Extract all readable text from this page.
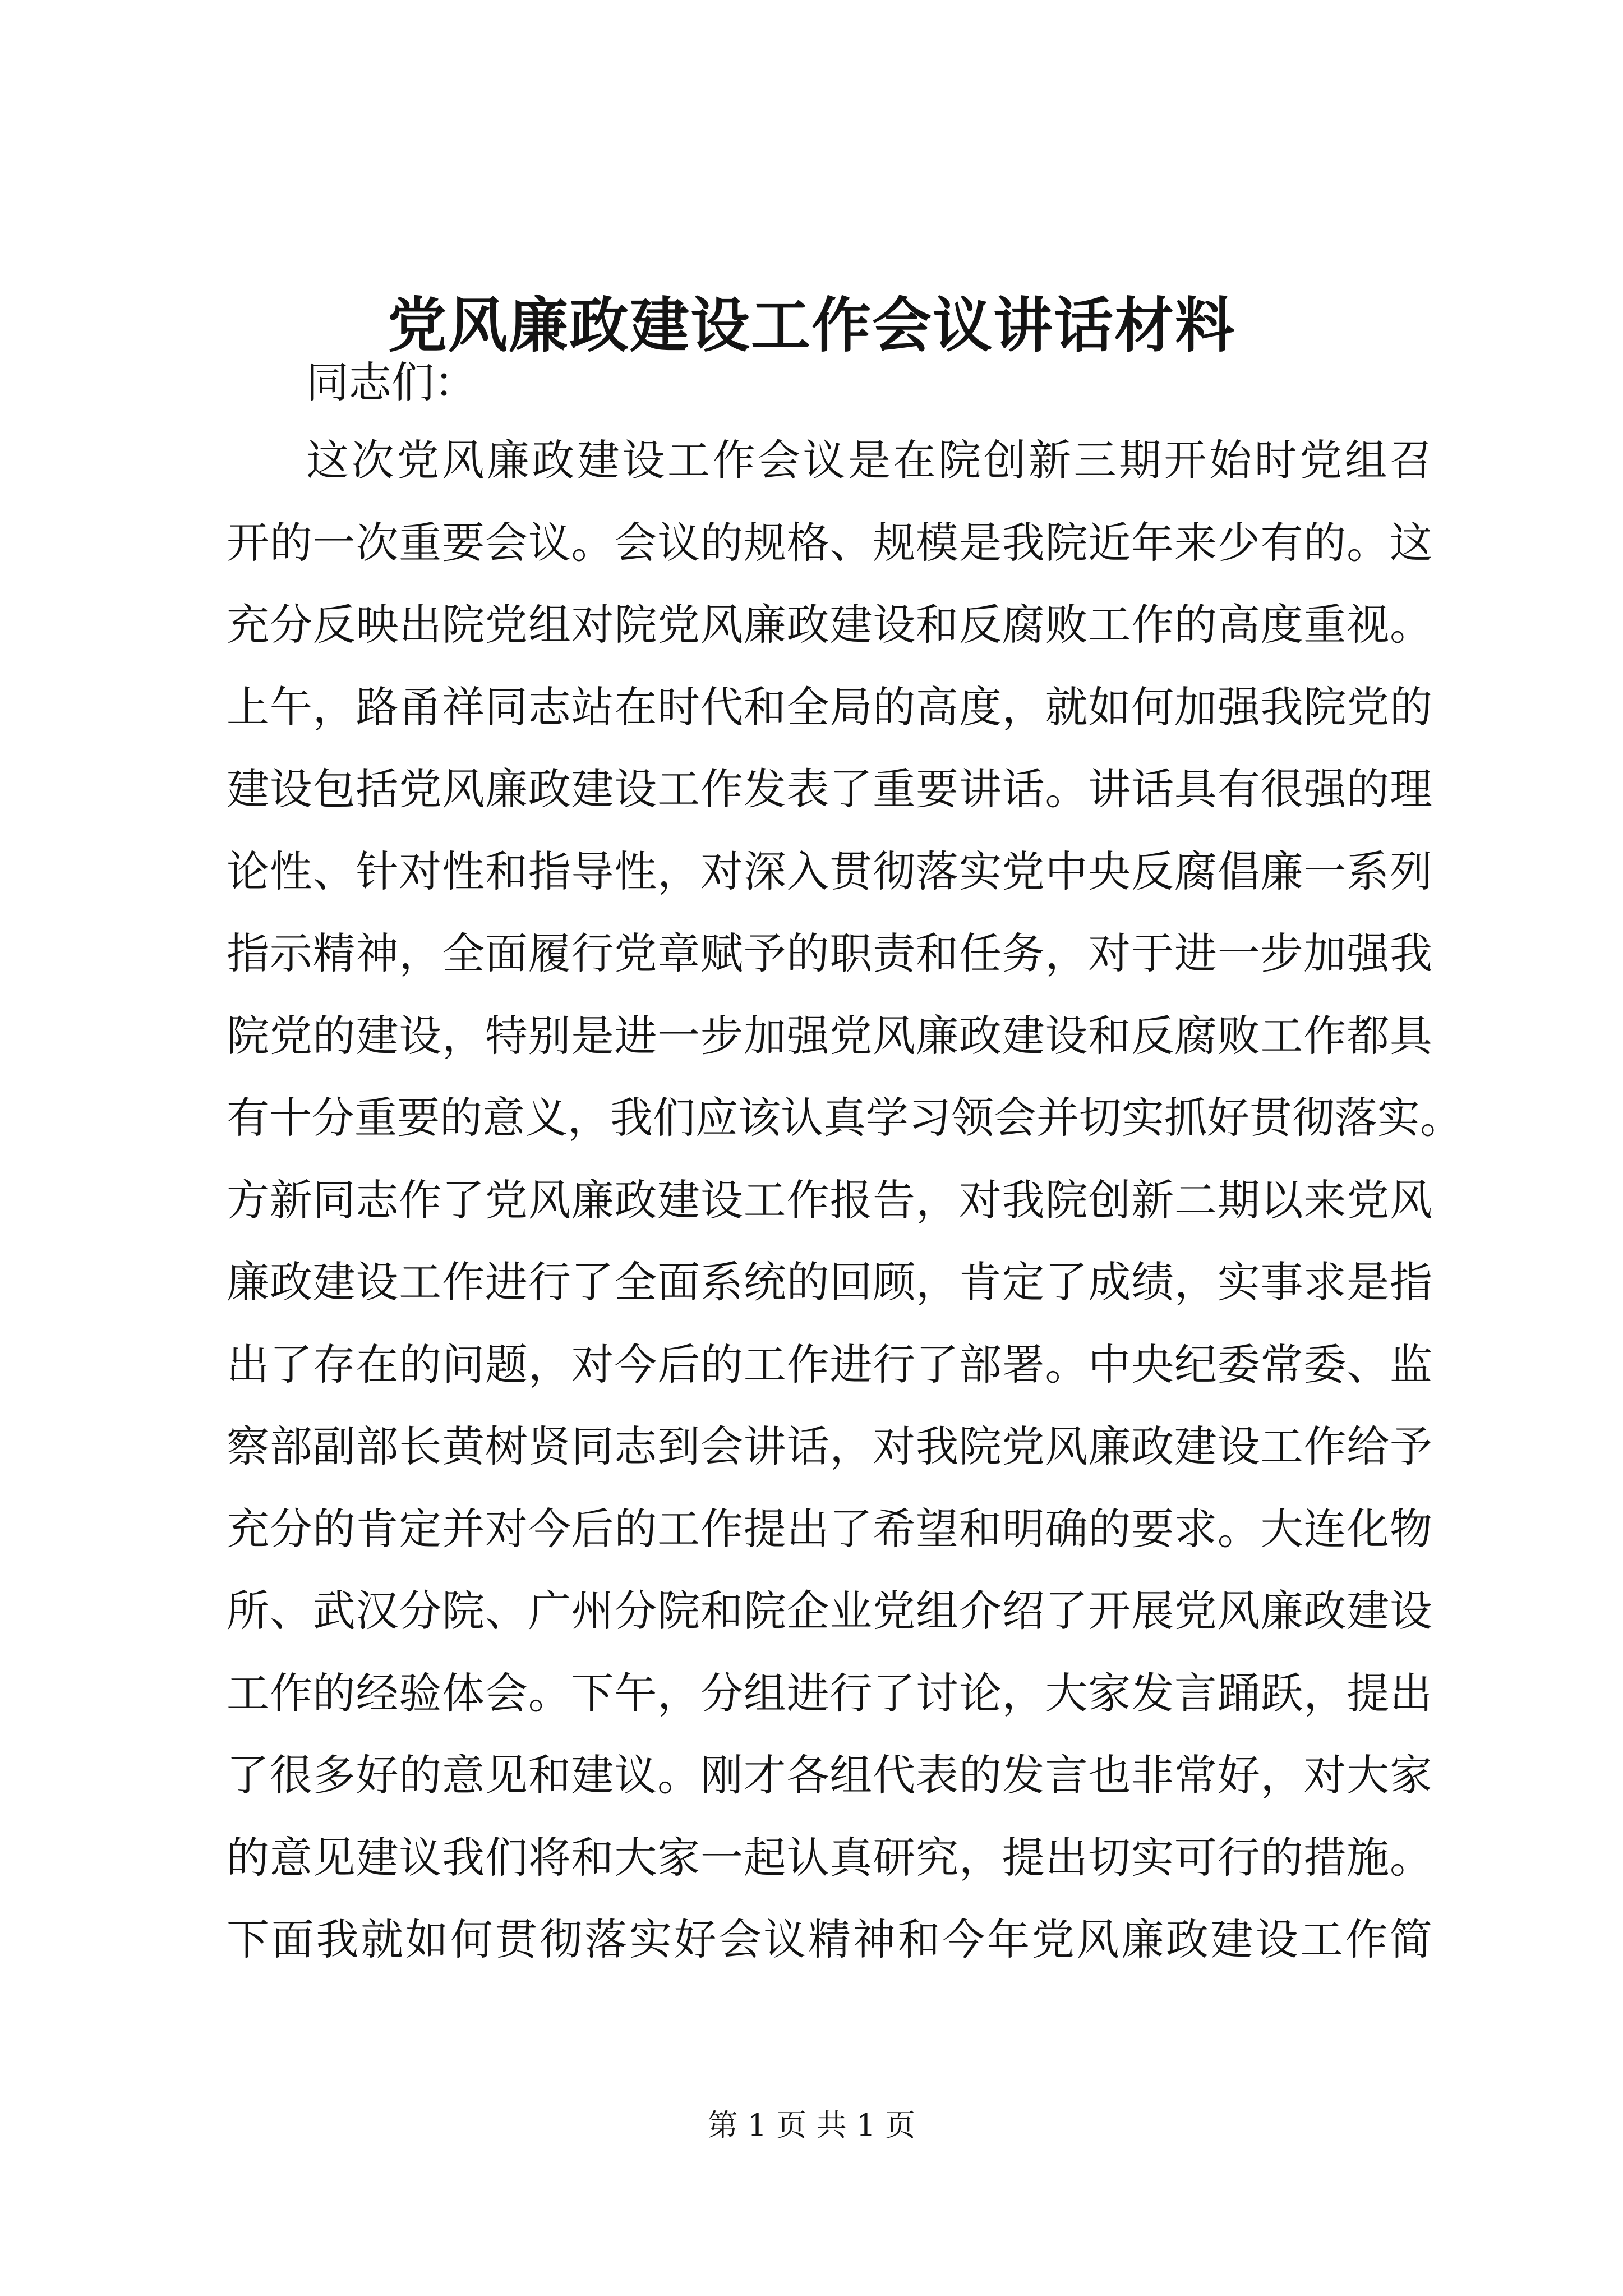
党风廉政建设工作会议讲话材料

同志们：

这次党风廉政建设工作会议是在院创新三期开始时党组召
开的一次重要会议。会议的规格、规模是我院近年来少有的。这
充分反映出院党组对院党风廉政建设和反腐败工作的高度重视。
上午，路甬祥同志站在时代和全局的高度，就如何加强我院党的
建设包括党风廉政建设工作发表了重要讲话。讲话具有很强的理
论性、针对性和指导性，对深入贯彻落实党中央反腐倡廉一系列
指示精神，全面履行党章赋予的职责和任务，对于进一步加强我
院党的建设，特别是进一步加强党风廉政建设和反腐败工作都具
有十分重要的意义，我们应该认真学习领会并切实抓好贯彻落实。
方新同志作了党风廉政建设工作报告，对我院创新二期以来党风
廉政建设工作进行了全面系统的回顾，肯定了成绩，实事求是指
出了存在的问题，对今后的工作进行了部署。中央纪委常委、监
察部副部长黄树贤同志到会讲话，对我院党风廉政建设工作给予
充分的肯定并对今后的工作提出了希望和明确的要求。大连化物
所、武汉分院、广州分院和院企业党组介绍了开展党风廉政建设
工作的经验体会。下午，分组进行了讨论，大家发言踊跃，提出
了很多好的意见和建议。刚才各组代表的发言也非常好，对大家
的意见建议我们将和大家一起认真研究，提出切实可行的措施。
下面我就如何贯彻落实好会议精神和今年党风廉政建设工作简

第 1 页 共 1 页
